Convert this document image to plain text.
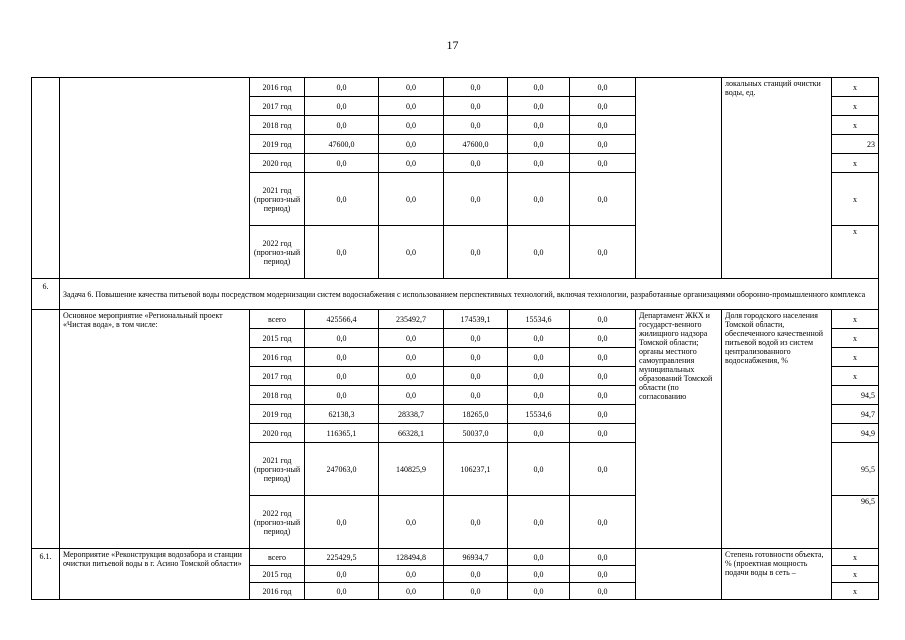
17
		2016 год	0,0	0,0	0,0	0,0	0,0		локальных станций очистки воды, ед.	х
		2017 год	0,0	0,0	0,0	0,0	0,0			х
		2018 год	0,0	0,0	0,0	0,0	0,0			х
		2019 год	47600,0	0,0	47600,0	0,0	0,0			23
		2020 год	0,0	0,0	0,0	0,0	0,0			х
		2021 год (прогноз-ный период)	0,0	0,0	0,0	0,0	0,0			х
		2022 год (прогноз-ный период)	0,0	0,0	0,0	0,0	0,0			х
6.	Задача 6. Повышение качества питьевой воды посредством модернизации систем водоснабжения с использованием перспективных технологий, включая технологии, разработанные организациями оборонно-промышленного комплекса									
	Основное мероприятие «Региональный проект «Чистая вода», в том числе:	всего	425566,4	235492,7	174539,1	15534,6	0,0	Департамент ЖКХ и государст-венного жилищного надзора Томской области; органы местного самоуправления муниципальных образований Томской области (по согласованию	Доля городского населения Томской области, обеспеченного качественной питьевой водой из систем централизованного водоснабжения, %	х
		2015 год	0,0	0,0	0,0	0,0	0,0			х
		2016 год	0,0	0,0	0,0	0,0	0,0			х
		2017 год	0,0	0,0	0,0	0,0	0,0			х
		2018 год	0,0	0,0	0,0	0,0	0,0			94,5
		2019 год	62138,3	28338,7	18265,0	15534,6	0,0			94,7
		2020 год	116365,1	66328,1	50037,0	0,0	0,0			94,9
		2021 год (прогноз-ный период)	247063,0	140825,9	106237,1	0,0	0,0			95,5
		2022 год (прогноз-ный период)	0,0	0,0	0,0	0,0	0,0			96,5
6.1.	Мероприятие «Реконструкция водозабора и станции очистки питьевой воды в г. Асино Томской области»	всего	225429,5	128494,8	96934,7	0,0	0,0		Степень готовности объекта, % (проектная мощность подачи воды в сеть –	х
		2015 год	0,0	0,0	0,0	0,0	0,0			х
		2016 год	0,0	0,0	0,0	0,0	0,0			х
